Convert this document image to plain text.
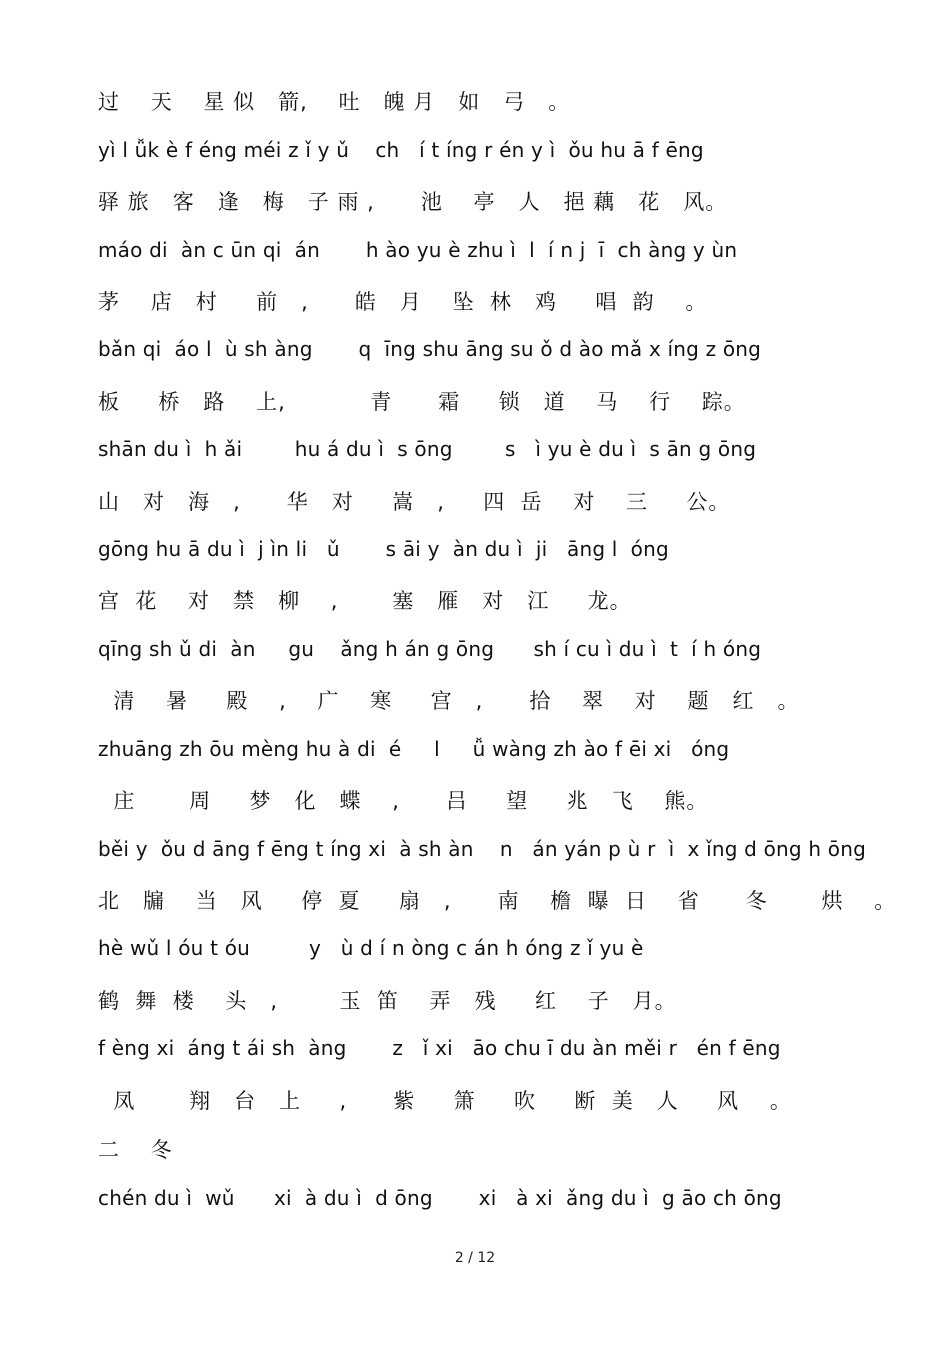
过    天    星 似   箭,    吐   魄 月   如   弓   。

yì l ǚk è f éng méi z ǐ y ǔ    ch   í t íng r én y ì  ǒu hu ā f ēng

驿 旅   客   逢   梅   子 雨 ,      池    亭   人   挹 藕   花   风。

máo di  àn c ūn qi  án       h ào yu è zhu ì  l  í n j  ī  ch àng y ùn

茅    店   村     前   ,      皓   月    坠  林   鸡     唱  韵    。

bǎn qi  áo l  ù sh àng       q  īng shu āng su ǒ d ào mǎ x íng z ōng

板     桥   路    上,           青      霜     锁   道    马    行    踪。

shān du ì  h ǎi        hu á du ì  s ōng        s   ì yu è du ì  s ān g ōng

山   对   海   ,      华   对     嵩   ,     四  岳    对    三     公。

gōng hu ā du ì  j ìn li   ǔ       s āi y  àn du ì  ji   āng l  óng

宫  花    对   禁   柳    ,       塞   雁   对   江     龙。

qīng sh ǔ di  àn     gu    ǎng h án g ōng      sh í cu ì du ì  t  í h óng

清    暑     殿    ,    广    寒     宫   ,      拾    翠    对    题   红   。

zhuāng zh ōu mèng hu à di  é     l     ǚ wàng zh ào f ēi xi   óng

庄       周     梦   化   蝶    ,      吕     望     兆   飞    熊。

běi y  ǒu d āng f ēng t íng xi  à sh àn    n   án yán p ù r  ì  x ǐng d ōng h ōng

北   牖    当   风     停  夏     扇   ,      南    檐  曝  日    省      冬       烘    。

hè wǔ l óu t óu         y   ù d í n òng c án h óng z ǐ yu è

鹤  舞  楼    头   ,        玉  笛    弄   残     红    子   月。

f èng xi  áng t ái sh  àng       z   ǐ xi   āo chu ī du àn měi r   én f ēng

凤       翔   台   上     ,      紫     箫     吹     断  美   人     风    。

二    冬

chén du ì  wǔ      xi  à du ì  d ōng       xi   à xi  ǎng du ì  g āo ch ōng

2 / 12
